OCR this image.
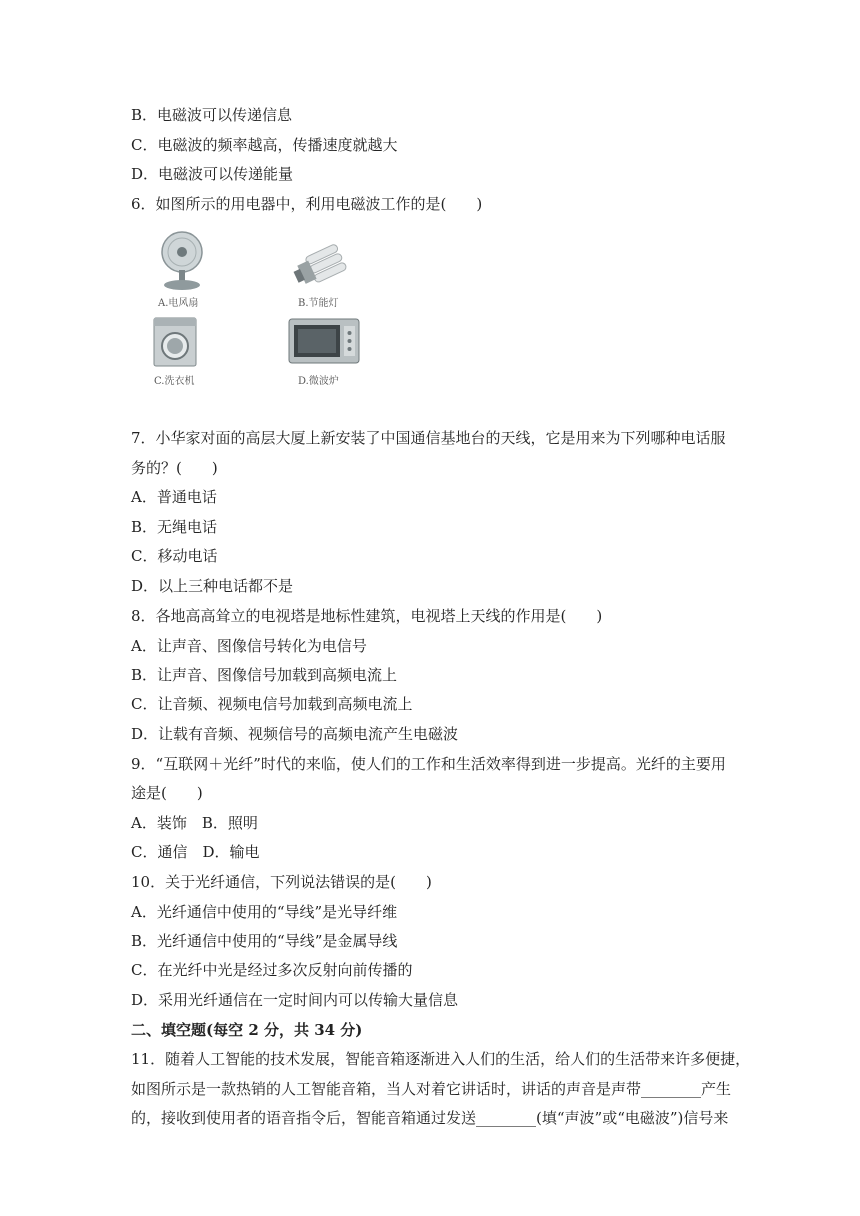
B．电磁波可以传递信息
C．电磁波的频率越高，传播速度就越大
D．电磁波可以传递能量
6．如图所示的用电器中，利用电磁波工作的是(　　)
7．小华家对面的高层大厦上新安装了中国通信基地台的天线，它是用来为下列哪种电话服
务的？(　　)
A．普通电话
B．无绳电话
C．移动电话
D．以上三种电话都不是
8．各地高高耸立的电视塔是地标性建筑，电视塔上天线的作用是(　　)
A．让声音、图像信号转化为电信号
B．让声音、图像信号加载到高频电流上
C．让音频、视频电信号加载到高频电流上
D．让载有音频、视频信号的高频电流产生电磁波
9．“互联网＋光纤”时代的来临，使人们的工作和生活效率得到进一步提高。光纤的主要用
途是(　　)
A．装饰　B．照明
C．通信　D．输电
10．关于光纤通信，下列说法错误的是(　　)
A．光纤通信中使用的“导线”是光导纤维
B．光纤通信中使用的“导线”是金属导线
C．在光纤中光是经过多次反射向前传播的
D．采用光纤通信在一定时间内可以传输大量信息
二、填空题(每空 2 分，共 34 分)
11．随着人工智能的技术发展，智能音箱逐渐进入人们的生活，给人们的生活带来许多便捷，
如图所示是一款热销的人工智能音箱，当人对着它讲话时，讲话的声音是声带________产生
的，接收到使用者的语音指令后，智能音箱通过发送________(填“声波”或“电磁波”)信号来
A.电风扇	B.节能灯
C.洗衣机	D.微波炉
